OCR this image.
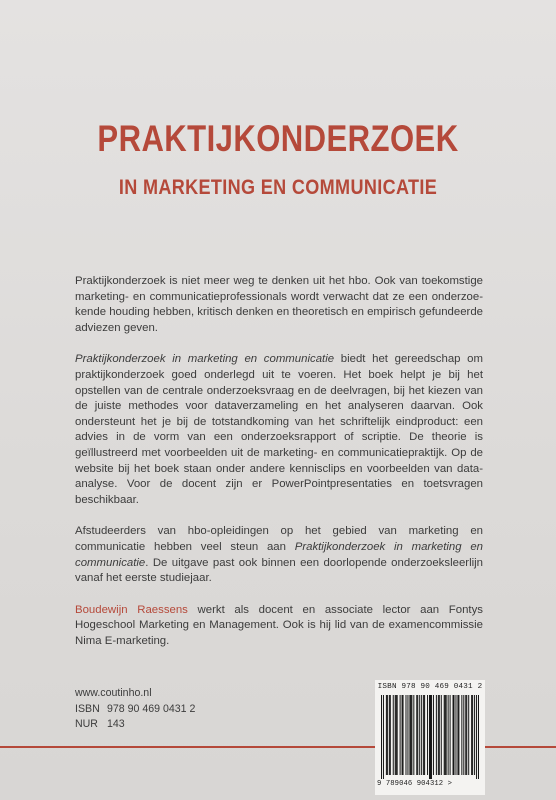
PRAKTIJKONDERZOEK
IN MARKETING EN COMMUNICATIE

Praktijkonderzoek is niet meer weg te denken uit het hbo. Ook van toekomstige marketing- en communicatieprofessionals wordt verwacht dat ze een onderzoekende houding hebben, kritisch denken en theoretisch en empirisch gefundeerde adviezen geven.

Praktijkonderzoek in marketing en communicatie biedt het gereedschap om praktijkonderzoek goed onderlegd uit te voeren. Het boek helpt je bij het opstellen van de centrale onderzoeksvraag en de deelvragen, bij het kiezen van de juiste methodes voor dataverzameling en het analyseren daarvan. Ook ondersteunt het je bij de totstandkoming van het schriftelijk eindproduct: een advies in de vorm van een onderzoeksrapport of scriptie. De theorie is geïllustreerd met voorbeelden uit de marketing- en communicatiepraktijk. Op de website bij het boek staan onder andere kennisclips en voorbeelden van data-analyse. Voor de docent zijn er PowerPointpresentaties en toetsvragen beschikbaar.

Afstudeerders van hbo-opleidingen op het gebied van marketing en communicatie hebben veel steun aan Praktijkonderzoek in marketing en communicatie. De uitgave past ook binnen een doorlopende onderzoeksleerlijn vanaf het eerste studiejaar.

Boudewijn Raessens werkt als docent en associate lector aan Fontys Hogeschool Marketing en Management. Ook is hij lid van de examencommissie Nima E-marketing.

www.coutinho.nl
ISBN 978 90 469 0431 2
NUR 143
ISBN 978 90 469 0431 2
9 789046 904312 >
